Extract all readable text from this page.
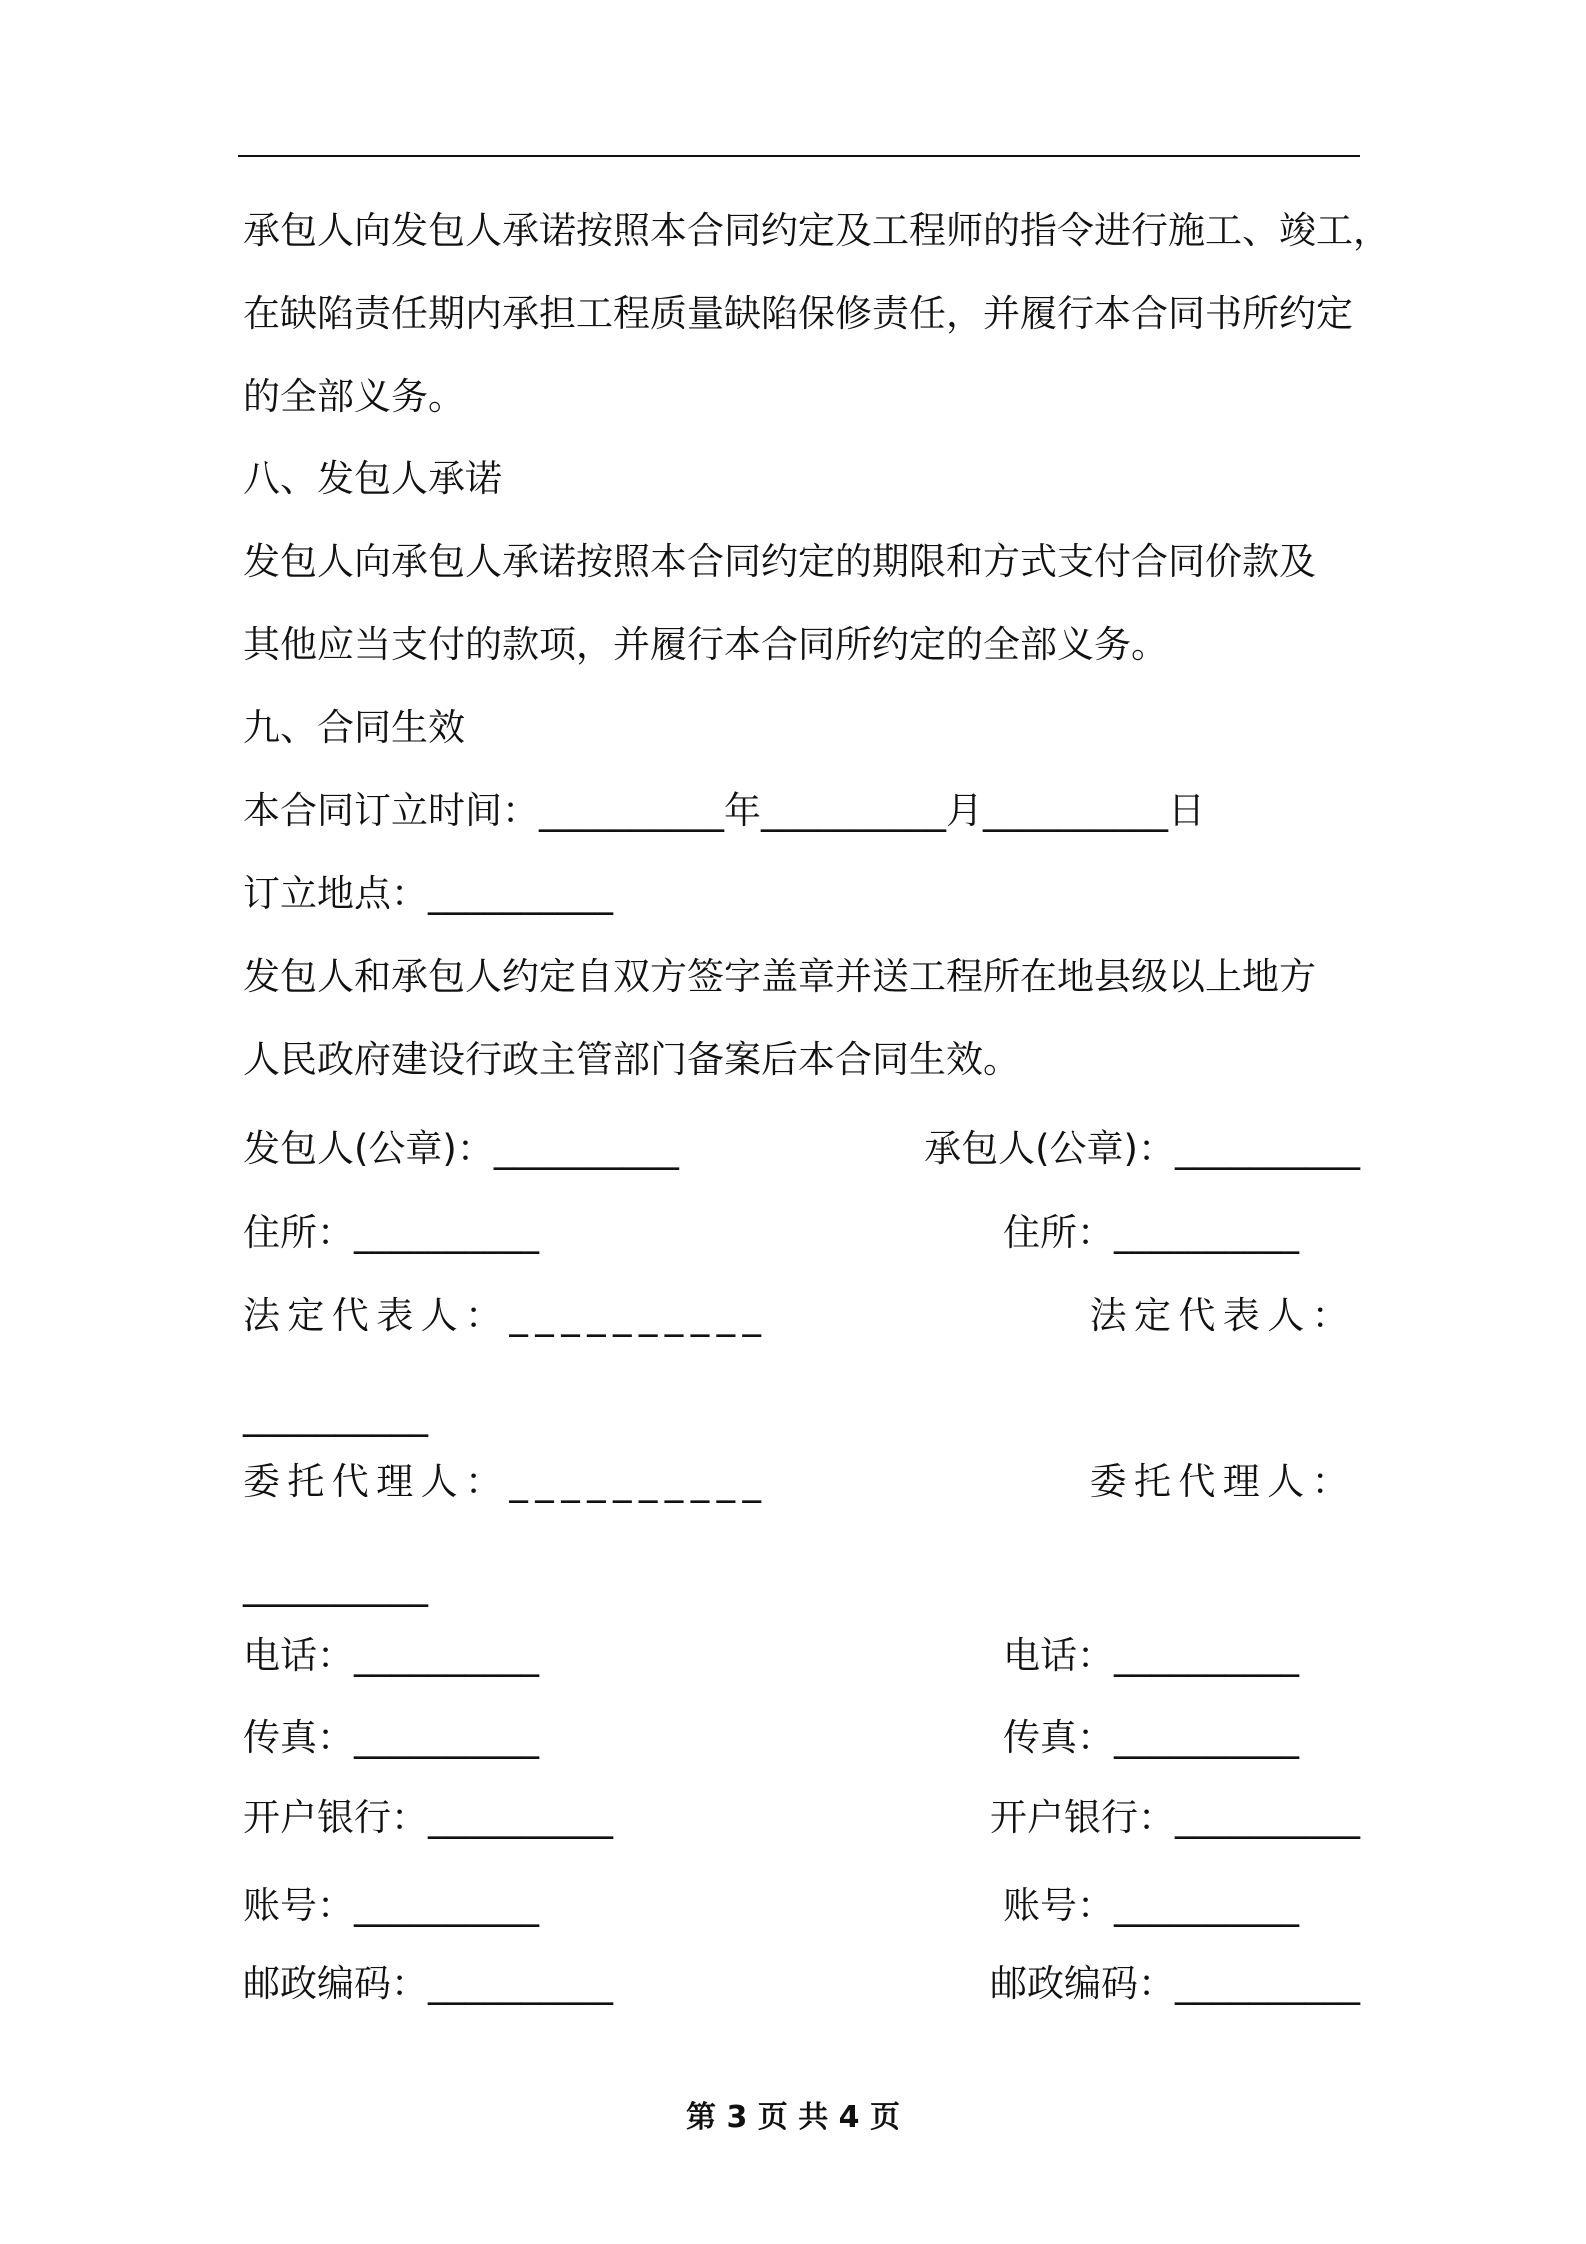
承包人向发包人承诺按照本合同约定及工程师的指令进行施工、竣工，
在缺陷责任期内承担工程质量缺陷保修责任，并履行本合同书所约定
的全部义务。
八、发包人承诺
发包人向承包人承诺按照本合同约定的期限和方式支付合同价款及
其他应当支付的款项，并履行本合同所约定的全部义务。
九、合同生效
本合同订立时间：__________年__________月__________日
订立地点：__________
发包人和承包人约定自双方签字盖章并送工程所在地县级以上地方
人民政府建设行政主管部门备案后本合同生效。
发包人(公章)：__________
住所：__________
法定代表人：__________
__________
委托代理人：__________
__________
电话：__________
传真：__________
开户银行：__________
账号：__________
邮政编码：__________
承包人(公章)：__________
住所：__________
法定代表人：
委托代理人：
电话：__________
传真：__________
开户银行：__________
账号：__________
邮政编码：__________
第 3 页 共 4 页
